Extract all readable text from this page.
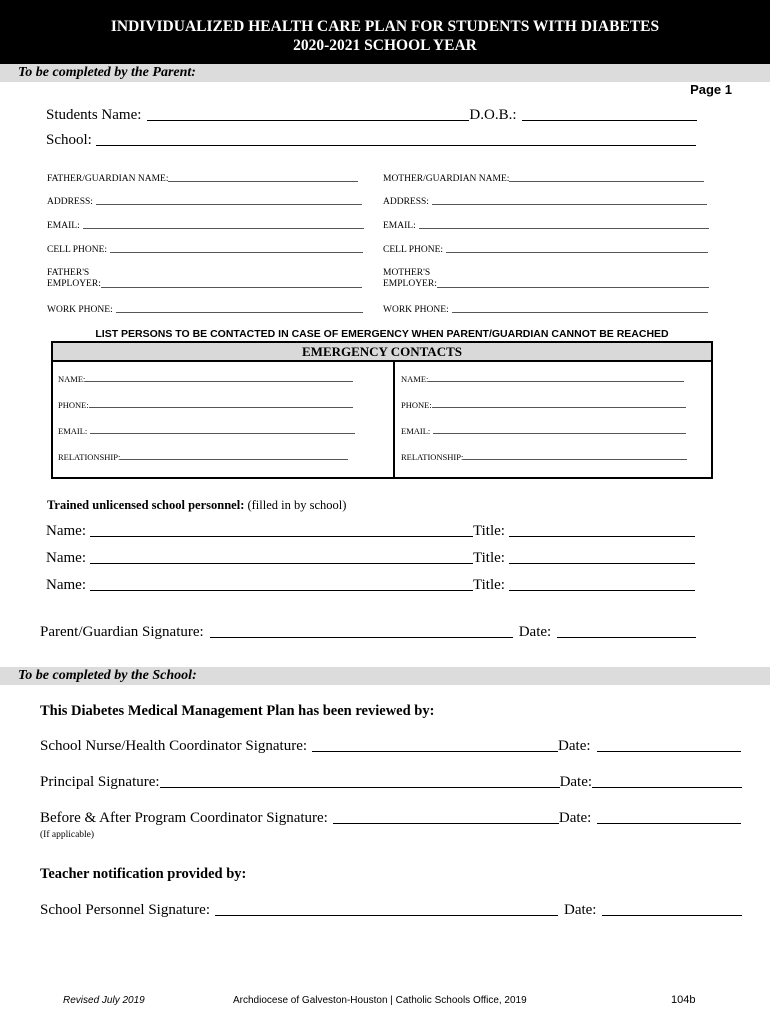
INDIVIDUALIZED HEALTH CARE PLAN FOR STUDENTS WITH DIABETES
2020-2021 SCHOOL YEAR
To be completed by the Parent:
Page 1
Students Name:	D.O.B.:
School:
FATHER/GUARDIAN NAME:
ADDRESS:
EMAIL:
CELL PHONE:
FATHER'S
EMPLOYER:
WORK PHONE:
MOTHER/GUARDIAN NAME:
ADDRESS:
EMAIL:
CELL PHONE:
MOTHER'S
EMPLOYER:
WORK PHONE:
LIST PERSONS TO BE CONTACTED IN CASE OF EMERGENCY WHEN PARENT/GUARDIAN CANNOT BE REACHED
EMERGENCY CONTACTS
NAME:
PHONE:
EMAIL:
RELATIONSHIP:
NAME:
PHONE:
EMAIL:
RELATIONSHIP:
Trained unlicensed school personnel: (filled in by school)
Name:	Title:
Name:	Title:
Name:	Title:
Parent/Guardian Signature:	Date:
To be completed by the School:
This Diabetes Medical Management Plan has been reviewed by:
School Nurse/Health Coordinator Signature:	Date:
Principal Signature:	Date:
Before & After Program Coordinator Signature:	Date:
(If applicable)
Teacher notification provided by:
School Personnel Signature:	Date:
Revised July 2019	Archdiocese of Galveston-Houston | Catholic Schools Office, 2019	104b
